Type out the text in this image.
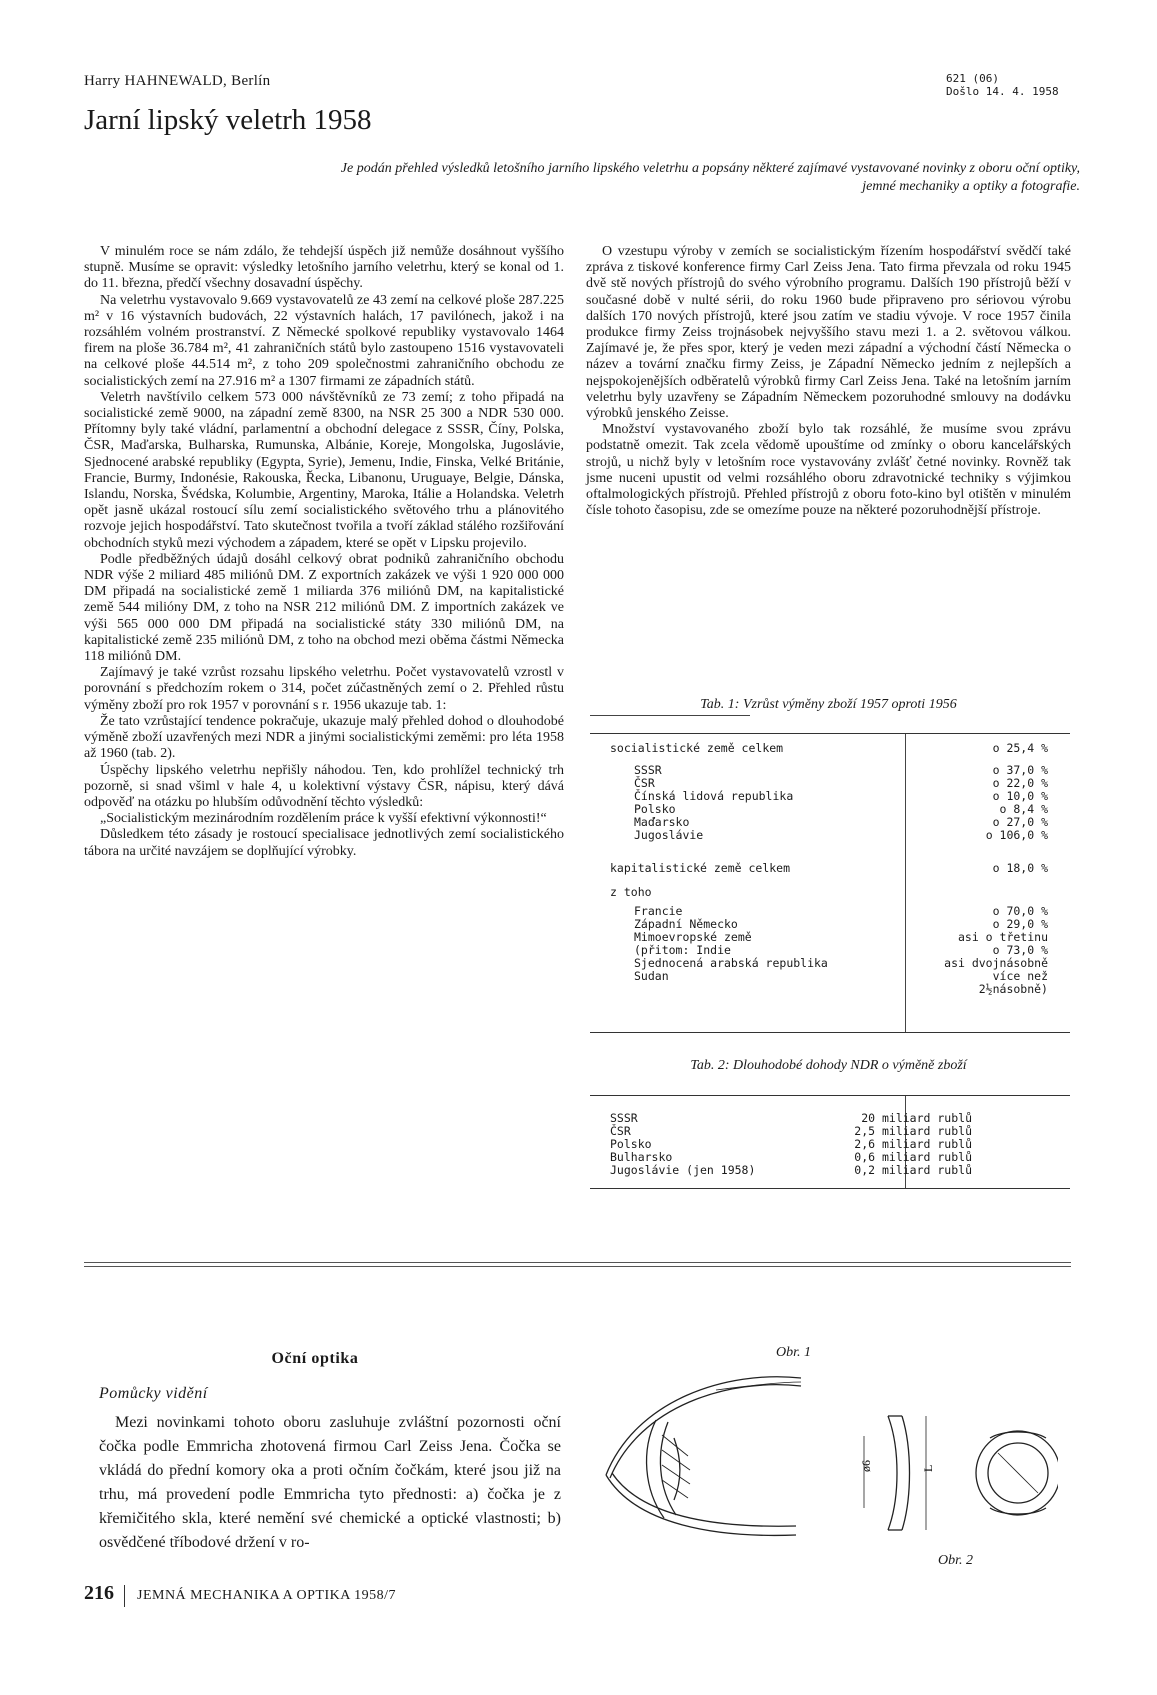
Harry HAHNEWALD, Berlín
Jarní lipský veletrh 1958
621 (06)
Došlo 14. 4. 1958
Je podán přehled výsledků letošního jarního lipského veletrhu a popsány některé zajímavé vystavované novinky z oboru oční optiky, jemné mechaniky a optiky a fotografie.

V minulém roce se nám zdálo, že tehdejší úspěch již nemůže dosáhnout vyššího stupně. Musíme se opravit: výsledky letošního jarního veletrhu, který se konal od 1. do 11. března, předčí všechny dosavadní úspěchy.

Na veletrhu vystavovalo 9.669 vystavovatelů ze 43 zemí na celkové ploše 287.225 m² v 16 výstavních budovách, 22 výstavních halách, 17 pavilónech, jakož i na rozsáhlém volném prostranství. Z Německé spolkové republiky vystavovalo 1464 firem na ploše 36.784 m², 41 zahraničních států bylo zastoupeno 1516 vystavovateli na celkové ploše 44.514 m², z toho 209 společnostmi zahraničního obchodu ze socialistických zemí na 27.916 m² a 1307 firmami ze západních států.

Veletrh navštívilo celkem 573 000 návštěvníků ze 73 zemí; z toho připadá na socialistické země 9000, na západní země 8300, na NSR 25 300 a NDR 530 000. Přítomny byly také vládní, parlamentní a obchodní delegace z SSSR, Číny, Polska, ČSR, Maďarska, Bulharska, Rumunska, Albánie, Koreje, Mongolska, Jugoslávie, Sjednocené arabské republiky (Egypta, Syrie), Jemenu, Indie, Finska, Velké Británie, Francie, Burmy, Indonésie, Rakouska, Řecka, Libanonu, Uruguaye, Belgie, Dánska, Islandu, Norska, Švédska, Kolumbie, Argentiny, Maroka, Itálie a Holandska. Veletrh opět jasně ukázal rostoucí sílu zemí socialistického světového trhu a plánovitého rozvoje jejich hospodářství. Tato skutečnost tvořila a tvoří základ stálého rozšiřování obchodních styků mezi východem a západem, které se opět v Lipsku projevilo.

Podle předběžných údajů dosáhl celkový obrat podniků zahraničního obchodu NDR výše 2 miliard 485 miliónů DM. Z exportních zakázek ve výši 1 920 000 000 DM připadá na socialistické země 1 miliarda 376 miliónů DM, na kapitalistické země 544 milióny DM, z toho na NSR 212 miliónů DM. Z importních zakázek ve výši 565 000 000 DM připadá na socialistické státy 330 miliónů DM, na kapitalistické země 235 miliónů DM, z toho na obchod mezi oběma částmi Německa 118 miliónů DM.

Zajímavý je také vzrůst rozsahu lipského veletrhu. Počet vystavovatelů vzrostl v porovnání s předchozím rokem o 314, počet zúčastněných zemí o 2. Přehled růstu výměny zboží pro rok 1957 v porovnání s r. 1956 ukazuje tab. 1:

Že tato vzrůstající tendence pokračuje, ukazuje malý přehled dohod o dlouhodobé výměně zboží uzavřených mezi NDR a jinými socialistickými zeměmi: pro léta 1958 až 1960 (tab. 2).

Úspěchy lipského veletrhu nepřišly náhodou. Ten, kdo prohlížel technický trh pozorně, si snad všiml v hale 4, u kolektivní výstavy ČSR, nápisu, který dává odpověď na otázku po hlubším odůvodnění těchto výsledků:

„Socialistickým mezinárodním rozdělením práce k vyšší efektivní výkonnosti!“

Důsledkem této zásady je rostoucí specialisace jednotlivých zemí socialistického tábora na určité navzájem se doplňující výrobky.

O vzestupu výroby v zemích se socialistickým řízením hospodářství svědčí také zpráva z tiskové konference firmy Carl Zeiss Jena. Tato firma převzala od roku 1945 dvě stě nových přístrojů do svého výrobního programu. Dalších 190 přístrojů běží v současné době v nulté sérii, do roku 1960 bude připraveno pro sériovou výrobu dalších 170 nových přístrojů, které jsou zatím ve stadiu vývoje. V roce 1957 činila produkce firmy Zeiss trojnásobek nejvyššího stavu mezi 1. a 2. světovou válkou. Zajímavé je, že přes spor, který je veden mezi západní a východní částí Německa o název a tovární značku firmy Zeiss, je Západní Německo jedním z nejlepších a nejspokojenějších odběratelů výrobků firmy Carl Zeiss Jena. Také na letošním jarním veletrhu byly uzavřeny se Západním Německem pozoruhodné smlouvy na dodávku výrobků jenského Zeisse.

Množství vystavovaného zboží bylo tak rozsáhlé, že musíme svou zprávu podstatně omezit. Tak zcela vědomě upouštíme od zmínky o oboru kancelářských strojů, u nichž byly v letošním roce vystavovány zvlášť četné novinky. Rovněž tak jsme nuceni upustit od velmi rozsáhlého oboru zdravotnické techniky s výjimkou oftalmologických přístrojů. Přehled přístrojů z oboru foto-kino byl otištěn v minulém čísle tohoto časopisu, zde se omezíme pouze na některé pozoruhodnější přístroje.

Tab. 1: Vzrůst výměny zboží 1957 oproti 1956
socialistické země celkem	o 25,4 %
SSSR	o 37,0 %
ČSR	o 22,0 %
Čínská lidová republika	o 10,0 %
Polsko	o 8,4 %
Maďarsko	o 27,0 %
Jugoslávie	o 106,0 %
kapitalistické země celkem	o 18,0 %
z toho
Francie	o 70,0 %
Západní Německo	o 29,0 %
Mimoevropské země	asi o třetinu
(přitom: Indie	o 73,0 %
Sjednocená arabská republika	asi dvojnásobně
Sudan	více než
2½násobně)
Tab. 2: Dlouhodobé dohody NDR o výměně zboží
SSSR	20 miliard rublů
ČSR	2,5 miliard rublů
Polsko	2,6 miliard rublů
Bulharsko	0,6 miliard rublů
Jugoslávie (jen 1958)	0,2 miliard rublů
Oční optika
Pomůcky vidění
Mezi novinkami tohoto oboru zasluhuje zvláštní pozornosti oční čočka podle Emmricha zhotovená firmou Carl Zeiss Jena. Čočka se vkládá do přední komory oka a proti očním čočkám, které jsou již na trhu, má provedení podle Emmricha tyto přednosti: a) čočka je z křemičitého skla, které nemění své chemické a optické vlastnosti; b) osvědčené tříbodové držení v ro-
Obr. 1
ø6	L
Obr. 2
216 JEMNÁ MECHANIKA A OPTIKA 1958/7
